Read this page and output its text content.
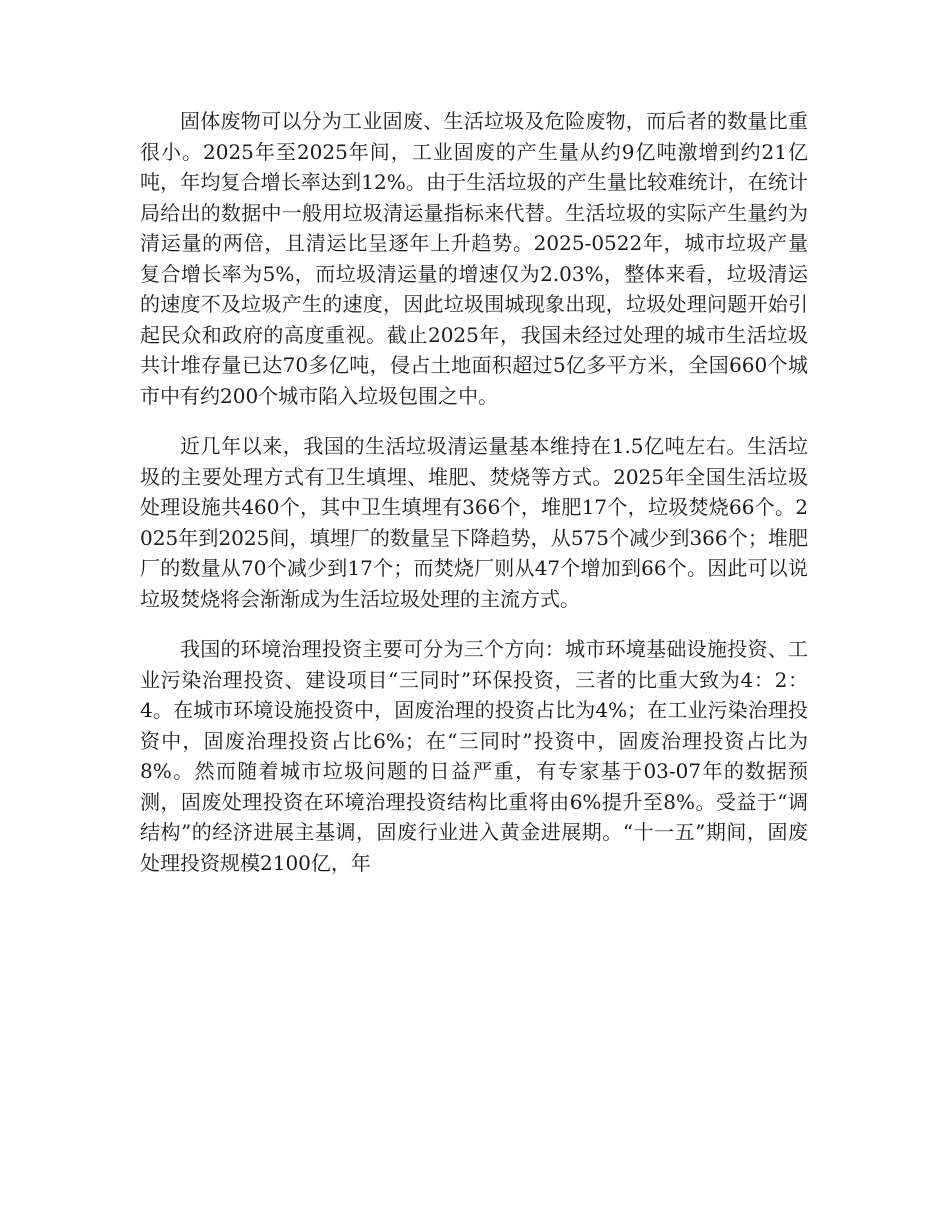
固体废物可以分为工业固废、生活垃圾及危险废物，而后者的数量比重很小。2025年至2025年间，工业固废的产生量从约9亿吨激增到约21亿吨，年均复合增长率达到12%。由于生活垃圾的产生量比较难统计，在统计局给出的数据中一般用垃圾清运量指标来代替。生活垃圾的实际产生量约为清运量的两倍，且清运比呈逐年上升趋势。2025-0522年，城市垃圾产量复合增长率为5%，而垃圾清运量的增速仅为2.03%，整体来看，垃圾清运的速度不及垃圾产生的速度，因此垃圾围城现象出现，垃圾处理问题开始引起民众和政府的高度重视。截止2025年，我国未经过处理的城市生活垃圾共计堆存量已达70多亿吨，侵占土地面积超过5亿多平方米，全国660个城市中有约200个城市陷入垃圾包围之中。

近几年以来，我国的生活垃圾清运量基本维持在1.5亿吨左右。生活垃圾的主要处理方式有卫生填埋、堆肥、焚烧等方式。2025年全国生活垃圾处理设施共460个，其中卫生填埋有366个，堆肥17个，垃圾焚烧66个。2025年到2025间，填埋厂的数量呈下降趋势，从575个减少到366个；堆肥厂的数量从70个减少到17个；而焚烧厂则从47个增加到66个。因此可以说垃圾焚烧将会渐渐成为生活垃圾处理的主流方式。

我国的环境治理投资主要可分为三个方向：城市环境基础设施投资、工业污染治理投资、建设项目“三同时”环保投资，三者的比重大致为4：2：4。在城市环境设施投资中，固废治理的投资占比为4%；在工业污染治理投资中，固废治理投资占比6%；在“三同时”投资中，固废治理投资占比为8%。然而随着城市垃圾问题的日益严重，有专家基于03-07年的数据预测，固废处理投资在环境治理投资结构比重将由6%提升至8%。受益于“调结构”的经济进展主基调，固废行业进入黄金进展期。“十一五”期间，固废处理投资规模2100亿，年
